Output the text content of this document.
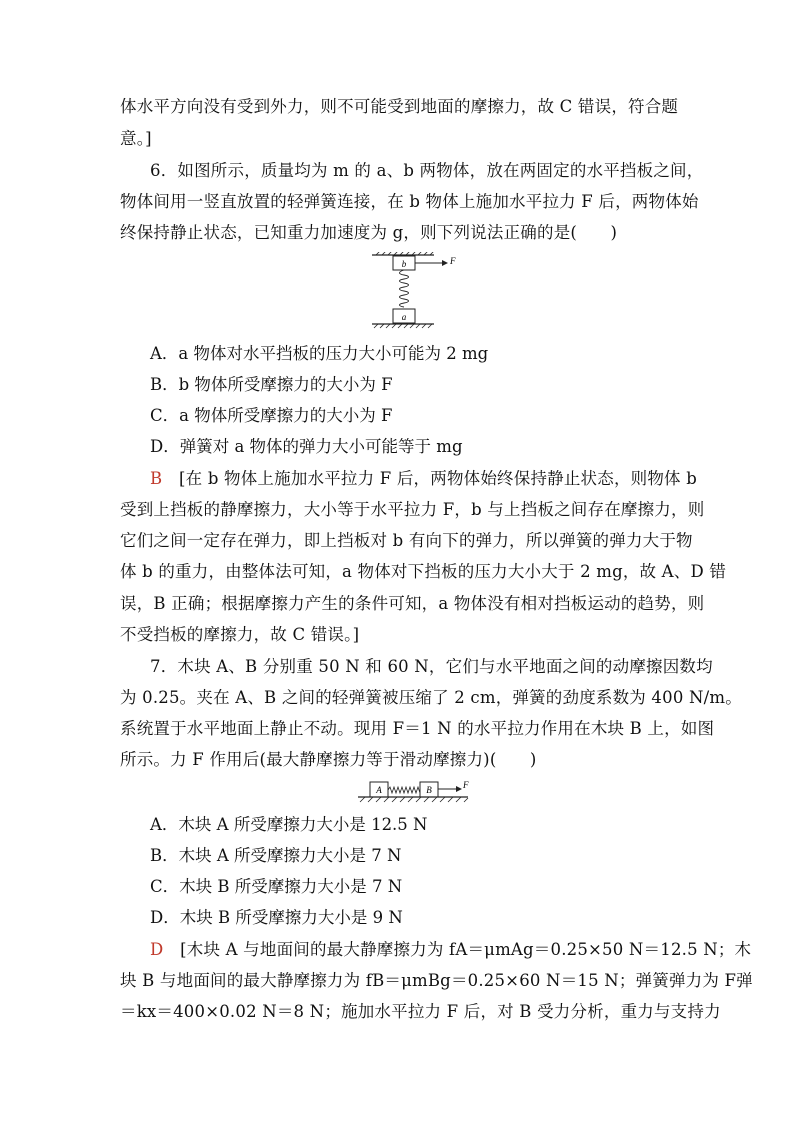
体水平方向没有受到外力，则不可能受到地面的摩擦力，故 C 错误，符合题
意。]
6．如图所示，质量均为 m 的 a、b 两物体，放在两固定的水平挡板之间，
物体间用一竖直放置的轻弹簧连接，在 b 物体上施加水平拉力 F 后，两物体始
终保持静止状态，已知重力加速度为 g，则下列说法正确的是(　　)
b	F
a
A．a 物体对水平挡板的压力大小可能为 2 mg
B．b 物体所受摩擦力的大小为 F
C．a 物体所受摩擦力的大小为 F
D．弹簧对 a 物体的弹力大小可能等于 mg
B　 [在 b 物体上施加水平拉力 F 后，两物体始终保持静止状态，则物体 b
受到上挡板的静摩擦力，大小等于水平拉力 F，b 与上挡板之间存在摩擦力，则
它们之间一定存在弹力，即上挡板对 b 有向下的弹力，所以弹簧的弹力大于物
体 b 的重力，由整体法可知，a 物体对下挡板的压力大小大于 2 mg，故 A、D 错
误，B 正确；根据摩擦力产生的条件可知，a 物体没有相对挡板运动的趋势，则
不受挡板的摩擦力，故 C 错误。]
7．木块 A、B 分别重 50 N 和 60 N，它们与水平地面之间的动摩擦因数均
为 0.25。夹在 A、B 之间的轻弹簧被压缩了 2 cm，弹簧的劲度系数为 400 N/m。
系统置于水平地面上静止不动。现用 F＝1 N 的水平拉力作用在木块 B 上，如图
所示。力 F 作用后(最大静摩擦力等于滑动摩擦力)(　　)
A	B	F
A．木块 A 所受摩擦力大小是 12.5 N
B．木块 A 所受摩擦力大小是 7 N
C．木块 B 所受摩擦力大小是 7 N
D．木块 B 所受摩擦力大小是 9 N
D　 [木块 A 与地面间的最大静摩擦力为 fA＝μmAg＝0.25×50 N＝12.5 N；木
块 B 与地面间的最大静摩擦力为 fB＝μmBg＝0.25×60 N＝15 N；弹簧弹力为 F弹
＝kx＝400×0.02 N＝8 N；施加水平拉力 F 后，对 B 受力分析，重力与支持力
